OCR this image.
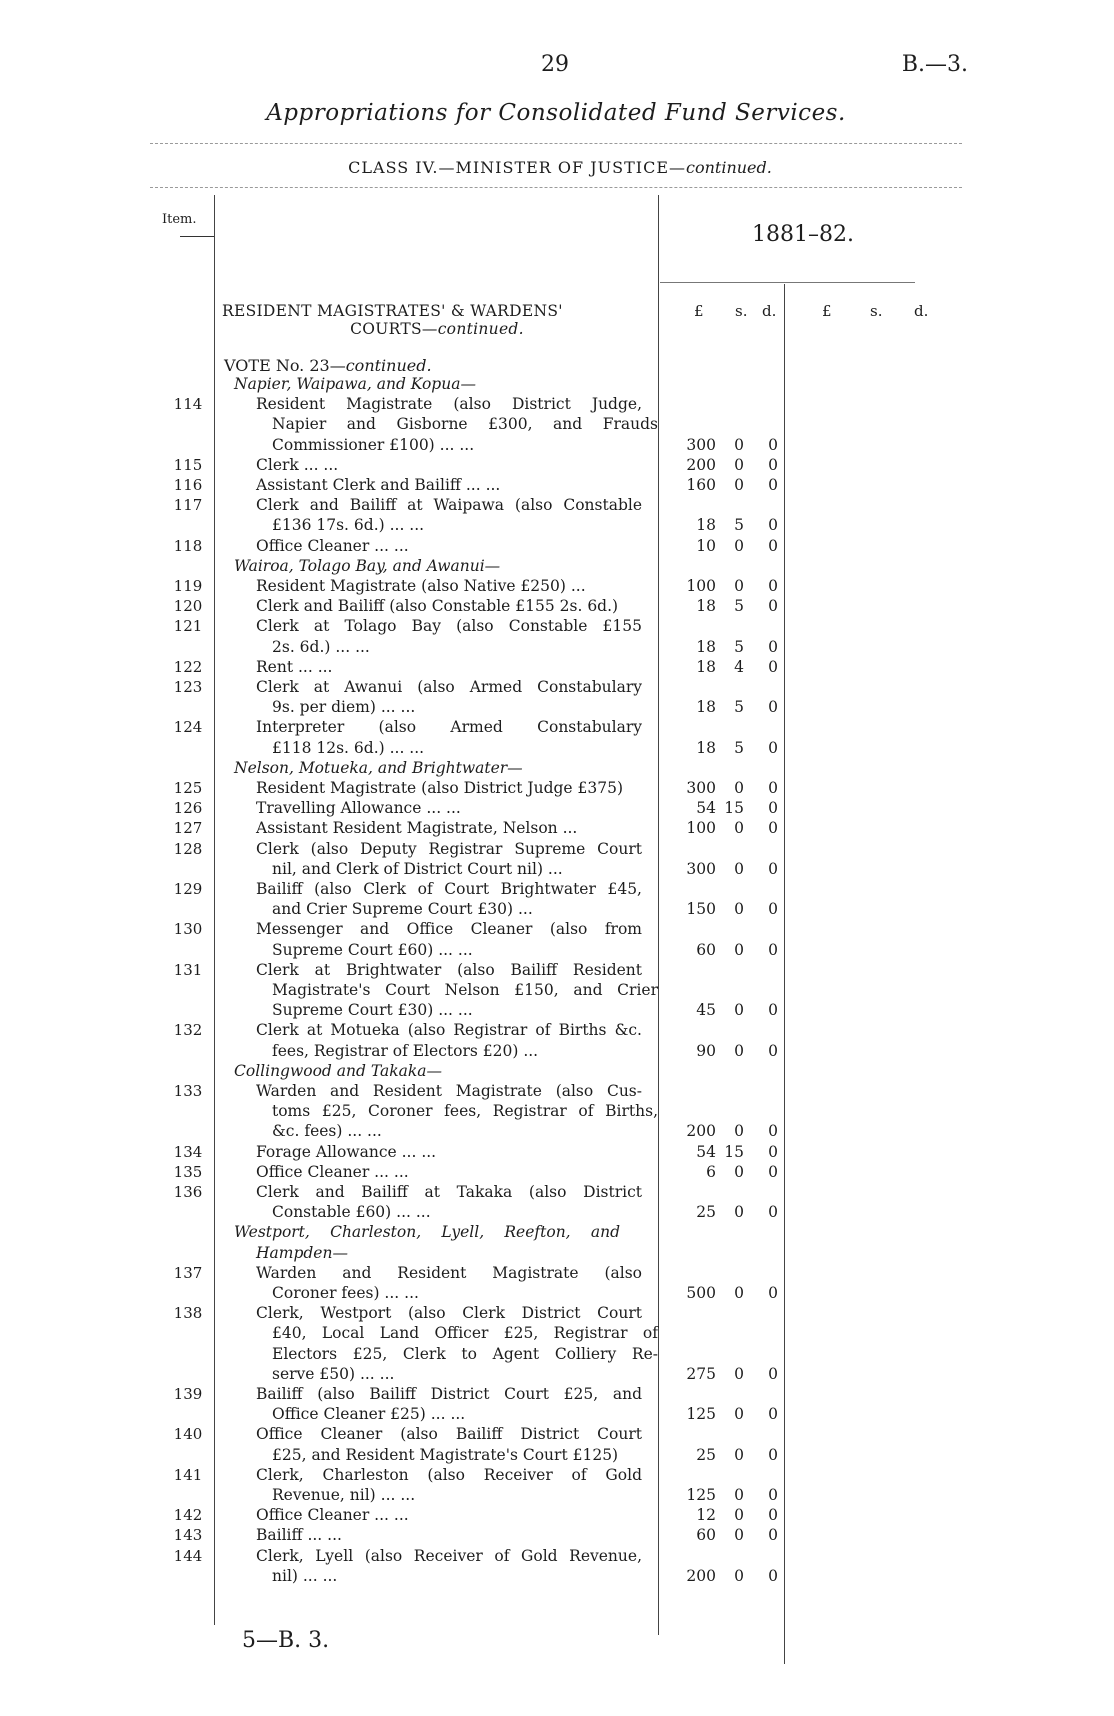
29	B.—3.
Appropriations for Consolidated Fund Services.
CLASS IV.—MINISTER OF JUSTICE—continued.
Item.
1881–82.
RESIDENT MAGISTRATES' & WARDENS'
COURTS—continued.
£ s. d.	£	s. d.
VOTE No. 23—continued.
Napier, Waipawa, and Kopua—
114	Resident Magistrate (also District Judge,
Napier and Gisborne £300, and Frauds
Commissioner £100) ... ...	300	0	0
115	Clerk ... ...	200	0	0
116	Assistant Clerk and Bailiff ... ...	160	0	0
117	Clerk and Bailiff at Waipawa (also Constable
£136 17s. 6d.) ... ...	18	5	0
118	Office Cleaner ... ...	10	0	0
Wairoa, Tolago Bay, and Awanui—
119	Resident Magistrate (also Native £250) ...	100	0	0
120	Clerk and Bailiff (also Constable £155 2s. 6d.)	18	5	0
121	Clerk at Tolago Bay (also Constable £155
2s. 6d.) ... ...	18	5	0
122	Rent ... ...	18	4	0
123	Clerk at Awanui (also Armed Constabulary
9s. per diem) ... ...	18	5	0
124	Interpreter (also Armed Constabulary
£118 12s. 6d.) ... ...	18	5	0
Nelson, Motueka, and Brightwater—
125	Resident Magistrate (also District Judge £375)	300	0	0
126	Travelling Allowance ... ...	54 15	0
127	Assistant Resident Magistrate, Nelson ...	100	0	0
128	Clerk (also Deputy Registrar Supreme Court
nil, and Clerk of District Court nil) ...	300	0	0
129	Bailiff (also Clerk of Court Brightwater £45,
and Crier Supreme Court £30) ...	150	0	0
130	Messenger and Office Cleaner (also from
Supreme Court £60) ... ...	60	0	0
131	Clerk at Brightwater (also Bailiff Resident
Magistrate's Court Nelson £150, and Crier
Supreme Court £30) ... ...	45	0	0
132	Clerk at Motueka (also Registrar of Births &c.
fees, Registrar of Electors £20) ...	90	0	0
Collingwood and Takaka—
133	Warden and Resident Magistrate (also Cus-
toms £25, Coroner fees, Registrar of Births,
&c. fees) ... ...	200	0	0
134	Forage Allowance ... ...	54 15	0
135	Office Cleaner ... ...	6	0	0
136	Clerk and Bailiff at Takaka (also District
Constable £60) ... ...	25	0	0
Westport, Charleston, Lyell, Reefton, and
Hampden—
137	Warden and Resident Magistrate (also
Coroner fees) ... ...	500	0	0
138	Clerk, Westport (also Clerk District Court
£40, Local Land Officer £25, Registrar of
Electors £25, Clerk to Agent Colliery Re-
serve £50) ... ...	275	0	0
139	Bailiff (also Bailiff District Court £25, and
Office Cleaner £25) ... ...	125	0	0
140	Office Cleaner (also Bailiff District Court
£25, and Resident Magistrate's Court £125)	25	0	0
141	Clerk, Charleston (also Receiver of Gold
Revenue, nil) ... ...	125	0	0
142	Office Cleaner ... ...	12	0	0
143	Bailiff ... ...	60	0	0
144	Clerk, Lyell (also Receiver of Gold Revenue,
nil) ... ...	200	0	0
5—B. 3.
